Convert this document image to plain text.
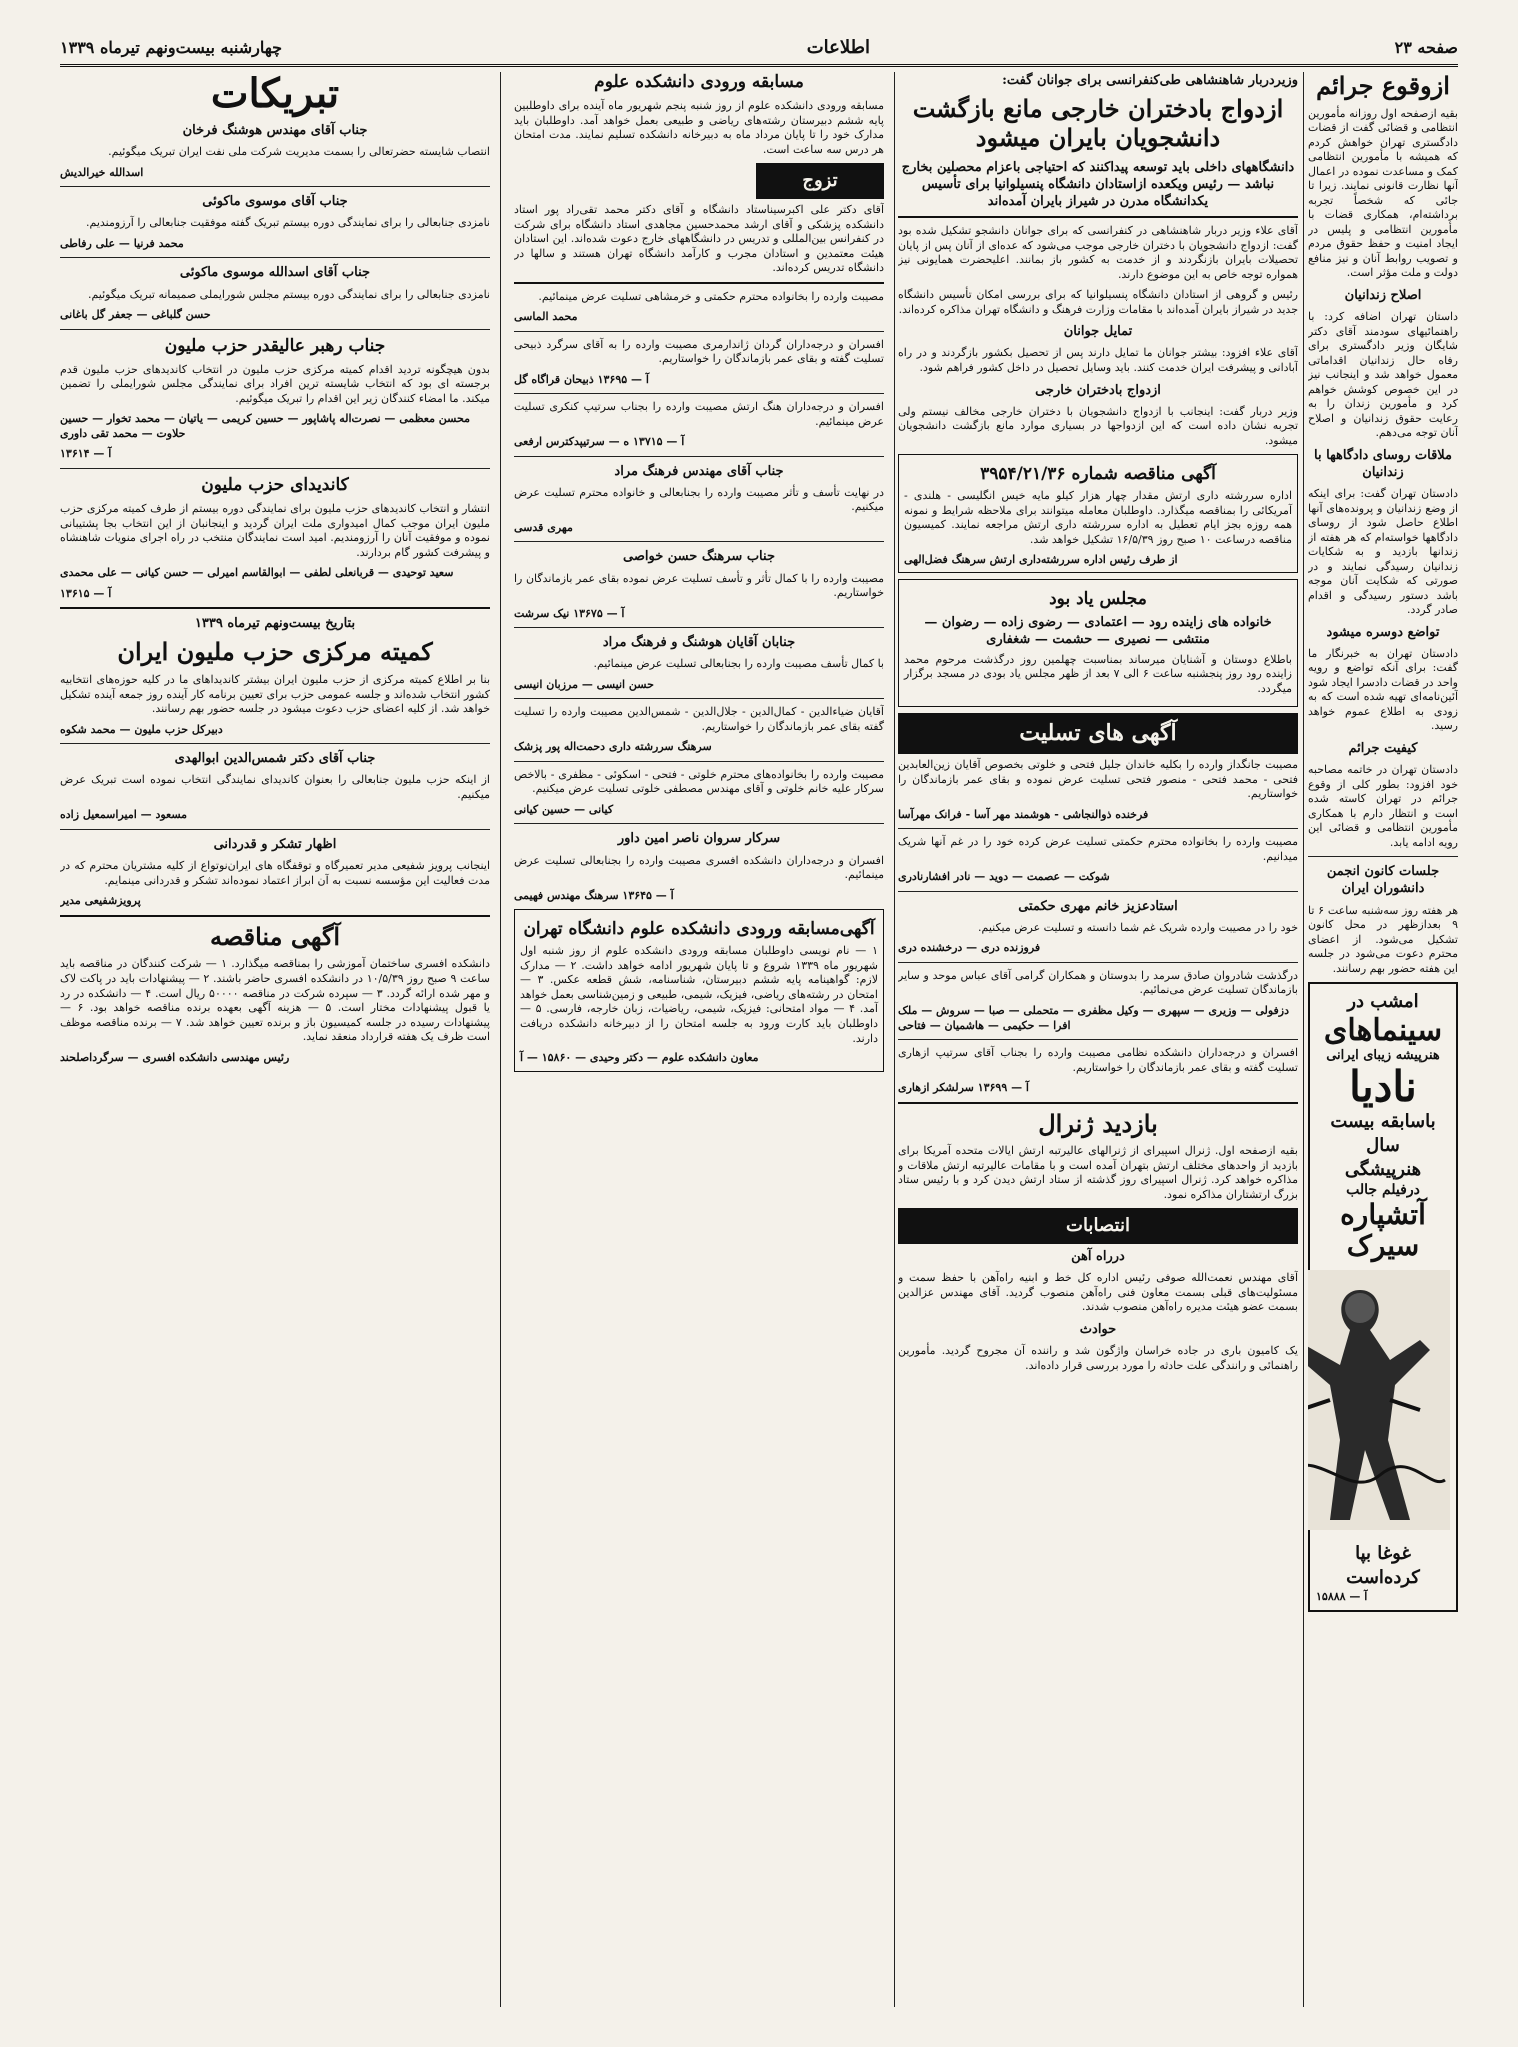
صفحه ۲۳
اطلاعات
چهارشنبه بیست‌ونهم تیرماه ۱۳۳۹
ازوقوع جرائم

بقیه ازصفحه اول روزانه مأمورین انتظامی و قضائی گفت از قضات دادگستری تهران خواهش کردم که همیشه با مأمورین انتظامی کمک و مساعدت نموده در اعمال آنها نظارت قانونی نمایند. زیرا تا جائی که شخصاً تجربه برداشته‌ام، همکاری قضات با مأمورین انتظامی و پلیس در ایجاد امنیت و حفظ حقوق مردم و تصویب روابط آنان و نیز منافع دولت و ملت مؤثر است.

اصلاح زندانیان

داستان تهران اضافه کرد: با راهنمائیهای سودمند آقای دکتر شایگان وزیر دادگستری برای رفاه حال زندانیان اقداماتی معمول خواهد شد و اینجانب نیز در این خصوص کوشش خواهم کرد و مأمورین زندان را به رعایت حقوق زندانیان و اصلاح آنان توجه می‌دهم.

ملاقات روسای دادگاهها با زندانیان

دادستان تهران گفت: برای اینکه از وضع زندانیان و پرونده‌های آنها اطلاع حاصل شود از روسای دادگاهها خواسته‌ام که هر هفته از زندانها بازدید و به شکایات زندانیان رسیدگی نمایند و در صورتی که شکایت آنان موجه باشد دستور رسیدگی و اقدام صادر گردد.

تواضع دوسره میشود

دادستان تهران به خبرنگار ما گفت: برای آنکه تواضع و رویه واحد در قضات دادسرا ایجاد شود آئین‌نامه‌ای تهیه شده است که به زودی به اطلاع عموم خواهد رسید.

کیفیت جرائم

دادستان تهران در خاتمه مصاحبه خود افزود: بطور کلی از وقوع جرائم در تهران کاسته شده است و انتظار دارم با همکاری مأمورین انتظامی و قضائی این رویه ادامه یابد.

جلسات کانون انجمن دانشوران ایران

هر هفته روز سه‌شنبه ساعت ۶ تا ۹ بعدازظهر در محل کانون تشکیل می‌شود. از اعضای محترم دعوت می‌شود در جلسه این هفته حضور بهم رسانند.

امشب در
سینماهای
هنرپیشه زیبای ایرانی
نادیا
باسابقه بیست سال
هنرپیشگی
درفیلم جالب
آتشپاره سیرک
غوغا بپا کرده‌است
آ — ۱۵۸۸۸
وزیردربار شاهنشاهی طی‌کنفرانسی برای جوانان گفت:
ازدواج بادختران خارجی مانع بازگشت دانشجویان بایران میشود
دانشگاههای داخلی باید توسعه پیداکنند که احتیاجی باعزام محصلین بخارج نباشد — رئیس ویکعده ازاستادان دانشگاه پنسیلوانیا برای تأسیس یکدانشگاه مدرن در شیراز بایران آمده‌اند

آقای علاء وزیر دربار شاهنشاهی در کنفرانسی که برای جوانان دانشجو تشکیل شده بود گفت: ازدواج دانشجویان با دختران خارجی موجب می‌شود که عده‌ای از آنان پس از پایان تحصیلات بایران بازنگردند و از خدمت به کشور باز بمانند. اعلیحضرت همایونی نیز همواره توجه خاص به این موضوع دارند.

رئیس و گروهی از استادان دانشگاه پنسیلوانیا که برای بررسی امکان تأسیس دانشگاه جدید در شیراز بایران آمده‌اند با مقامات وزارت فرهنگ و دانشگاه تهران مذاکره کرده‌اند.

تمایل جوانان

آقای علاء افزود: بیشتر جوانان ما تمایل دارند پس از تحصیل بکشور بازگردند و در راه آبادانی و پیشرفت ایران خدمت کنند. باید وسایل تحصیل در داخل کشور فراهم شود.

ازدواج بادختران خارجی

وزیر دربار گفت: اینجانب با ازدواج دانشجویان با دختران خارجی مخالف نیستم ولی تجربه نشان داده است که این ازدواجها در بسیاری موارد مانع بازگشت دانشجویان میشود.

آگهی مناقصه شماره ۳۹۵۴/۲۱/۳۶

اداره سررشته داری ارتش مقدار چهار هزار کیلو مایه خیس انگلیسی - هلندی - آمریکائی را بمناقصه میگذارد. داوطلبان معامله میتوانند برای ملاحظه شرایط و نمونه همه روزه بجز ایام تعطیل به اداره سررشته داری ارتش مراجعه نمایند. کمیسیون مناقصه درساعت ۱۰ صبح روز ۱۶/۵/۳۹ تشکیل خواهد شد.

از طرف رئیس اداره سررشته‌داری ارتش سرهنگ فضل‌الهی
مجلس یاد بود
خانواده های زاینده رود — اعتمادی — رضوی زاده — رضوان — منتشی — نصیری — حشمت — شغفاری

باطلاع دوستان و آشنایان میرساند بمناسبت چهلمین روز درگذشت مرحوم محمد زاینده رود روز پنجشنبه ساعت ۶ الی ۷ بعد از ظهر مجلس یاد بودی در مسجد برگزار میگردد.

آگهی های تسلیت

مصیبت جانگداز وارده را بکلیه خاندان جلیل فتحی و خلوتی بخصوص آقایان زین‌العابدین فتحی - محمد فتحی - منصور فتحی تسلیت عرض نموده و بقای عمر بازماندگان را خواستاریم.

فرخنده ذوالنجاشی - هوشمند مهر آسا - فرانک مهرآسا

مصیبت وارده را بخانواده محترم حکمتی تسلیت عرض کرده خود را در غم آنها شریک میدانیم.

شوکت — عصمت — دوید — نادر افشارنادری
استادعزیز خانم مهری حکمتی

خود را در مصیبت وارده شریک غم شما دانسته و تسلیت عرض میکنیم.

فروزنده دری — درخشنده دری

درگذشت شادروان صادق سرمد را بدوستان و همکاران گرامی آقای عباس موحد و سایر بازماندگان تسلیت عرض می‌نمائیم.

دزفولی — وزیری — سپهری — وکیل مظفری — متحملی — صبا — سروش — ملک افرا — حکیمی — هاشمیان — فتاحی

افسران و درجه‌داران دانشکده نظامی مصیبت وارده را بجناب آقای سرتیپ ازهاری تسلیت گفته و بقای عمر بازماندگان را خواستاریم.

آ — ۱۳۶۹۹ سرلشکر ازهاری
بازدید ژنرال

بقیه ازصفحه اول. ژنرال اسپیرای از ژنرالهای عالیرتبه ارتش ایالات متحده آمریکا برای بازدید از واحدهای مختلف ارتش بتهران آمده است و با مقامات عالیرتبه ارتش ملاقات و مذاکره خواهد کرد. ژنرال اسپیرای روز گذشته از ستاد ارتش دیدن کرد و با رئیس ستاد بزرگ ارتشتاران مذاکره نمود.

انتصابات
درراه آهن

آقای مهندس نعمت‌الله صوفی رئیس اداره کل خط و ابنیه راه‌آهن با حفظ سمت و مسئولیت‌های قبلی بسمت معاون فنی راه‌آهن منصوب گردید. آقای مهندس عزالدین بسمت عضو هیئت مدیره راه‌آهن منصوب شدند.

حوادث

یک کامیون باری در جاده خراسان واژگون شد و راننده آن مجروح گردید. مأمورین راهنمائی و رانندگی علت حادثه را مورد بررسی قرار داده‌اند.

مسابقه ورودی دانشکده علوم

مسابقه ورودی دانشکده علوم از روز شنبه پنجم شهریور ماه آینده برای داوطلبین پایه ششم دبیرستان رشته‌های ریاضی و طبیعی بعمل خواهد آمد. داوطلبان باید مدارک خود را تا پایان مرداد ماه به دبیرخانه دانشکده تسلیم نمایند. مدت امتحان هر درس سه ساعت است.

تزوج

آقای دکتر علی اکبرسیناستاد دانشگاه و آقای دکتر محمد تقی‌راد پور استاد دانشکده پزشکی و آقای ارشد محمدحسین مجاهدی استاد دانشگاه برای شرکت در کنفرانس بین‌المللی و تدریس در دانشگاههای خارج دعوت شده‌اند. این استادان هیئت معتمدین و استادان مجرب و کارآمد دانشگاه تهران هستند و سالها در دانشگاه تدریس کرده‌اند.

مصیبت وارده را بخانواده محترم حکمتی و خرمشاهی تسلیت عرض مینمائیم.

محمد الماسی

افسران و درجه‌داران گردان ژاندارمری مصیبت وارده را به آقای سرگرد ذبیحی تسلیت گفته و بقای عمر بازماندگان را خواستاریم.

آ — ۱۳۶۹۵ ذبیحان قراگاه گل

افسران و درجه‌داران هنگ ارتش مصیبت وارده را بجناب سرتیپ کنکری تسلیت عرض مینمائیم.

آ — ۱۳۷۱۵ ه — سرتیپدکترس ارفعی
جناب آقای مهندس فرهنگ مراد

در نهایت تأسف و تأثر مصیبت وارده را بجنابعالی و خانواده محترم تسلیت عرض میکنیم.

مهری قدسی
جناب سرهنگ حسن خواصی

مصیبت وارده را با کمال تأثر و تأسف تسلیت عرض نموده بقای عمر بازماندگان را خواستاریم.

آ — ۱۳۶۷۵ نیک سرشت
جنابان آقایان هوشنگ و فرهنگ مراد

با کمال تأسف مصیبت وارده را بجنابعالی تسلیت عرض مینمائیم.

حسن انیسی — مرزبان انیسی

آقایان ضیاءالدین - کمال‌الدین - جلال‌الدین - شمس‌الدین مصیبت وارده را تسلیت گفته بقای عمر بازماندگان را خواستاریم.

سرهنگ سررشته داری دحمت‌اله پور پزشک

مصیبت وارده را بخانواده‌های محترم خلوتی - فتحی - اسکوئی - مظفری - بالاخص سرکار علیه خانم خلوتی و آقای مهندس مصطفی خلوتی تسلیت عرض میکنیم.

کیانی — حسین کیانی
سرکار سروان ناصر امین داور

افسران و درجه‌داران دانشکده افسری مصیبت وارده را بجنابعالی تسلیت عرض مینمائیم.

آ — ۱۳۶۴۵ سرهنگ مهندس فهیمی
آگهی‌مسابقه ورودی دانشکده علوم دانشگاه تهران

۱ — نام نویسی داوطلبان مسابقه ورودی دانشکده علوم از روز شنبه اول شهریور ماه ۱۳۳۹ شروع و تا پایان شهریور ادامه خواهد داشت. ۲ — مدارک لازم: گواهینامه پایه ششم دبیرستان، شناسنامه، شش قطعه عکس. ۳ — امتحان در رشته‌های ریاضی، فیزیک، شیمی، طبیعی و زمین‌شناسی بعمل خواهد آمد. ۴ — مواد امتحانی: فیزیک، شیمی، ریاضیات، زبان خارجه، فارسی. ۵ — داوطلبان باید کارت ورود به جلسه امتحان را از دبیرخانه دانشکده دریافت دارند.

معاون دانشکده علوم — دکتر وحیدی — ۱۵۸۶۰ — آ
تبریکات
جناب آقای مهندس هوشنگ فرخان

انتصاب شایسته حضرتعالی را بسمت مدیریت شرکت ملی نفت ایران تبریک میگوئیم.

اسدالله خیرالدیش
جناب آقای موسوی ماکوئی

نامزدی جنابعالی را برای نمایندگی دوره بیستم تبریک گفته موفقیت جنابعالی را آرزومندیم.

محمد فرنیا — علی رفاطی
جناب آقای اسدالله موسوی ماکوئی

نامزدی جنابعالی را برای نمایندگی دوره بیستم مجلس شورایملی صمیمانه تبریک میگوئیم.

حسن گلباغی — جعفر گل باغانی
جناب رهبر عالیقدر حزب ملیون

بدون هیچگونه تردید اقدام کمیته مرکزی حزب ملیون در انتخاب کاندیدهای حزب ملیون قدم برجسته ای بود که انتخاب شایسته ترین افراد برای نمایندگی مجلس شورایملی را تضمین میکند. ما امضاء کنندگان زیر این اقدام را تبریک میگوئیم.

محسن معظمی — نصرت‌اله پاشاپور — حسین کریمی — یاتیان — محمد تخوار — حسین حلاوت — محمد تقی داوری
آ — ۱۳۶۱۴
کاندیدای حزب ملیون

انتشار و انتخاب کاندیدهای حزب ملیون برای نمایندگی دوره بیستم از طرف کمیته مرکزی حزب ملیون ایران موجب کمال امیدواری ملت ایران گردید و اینجانبان از این انتخاب بجا پشتیبانی نموده و موفقیت آنان را آرزومندیم. امید است نمایندگان منتخب در راه اجرای منویات شاهنشاه و پیشرفت کشور گام بردارند.

سعید توحیدی — قربانعلی لطفی — ابوالقاسم امیرلی — حسن کیانی — علی محمدی
آ — ۱۳۶۱۵
بتاریخ بیست‌ونهم تیرماه ۱۳۳۹
کمیته مرکزی حزب ملیون ایران

بنا بر اطلاع کمیته مرکزی از حزب ملیون ایران بیشتر کاندیداهای ما در کلیه حوزه‌های انتخابیه کشور انتخاب شده‌اند و جلسه عمومی حزب برای تعیین برنامه کار آینده روز جمعه آینده تشکیل خواهد شد. از کلیه اعضای حزب دعوت میشود در جلسه حضور بهم رسانند.

دبیرکل حزب ملیون — محمد شکوه
جناب آقای دکتر شمس‌الدین ابوالهدی

از اینکه حزب ملیون جنابعالی را بعنوان کاندیدای نمایندگی انتخاب نموده است تبریک عرض میکنیم.

مسعود — امیراسمعیل زاده
اظهار تشکر و قدردانی

اینجانب پرویز شفیعی مدیر تعمیرگاه و توقفگاه های ایران‌نوتواع از کلیه مشتریان محترم که در مدت فعالیت این مؤسسه نسبت به آن ابراز اعتماد نموده‌اند تشکر و قدردانی مینمایم.

پرویزشفیعی مدیر
آگهی مناقصه

دانشکده افسری ساختمان آموزشی را بمناقصه میگذارد. ۱ — شرکت کنندگان در مناقصه باید ساعت ۹ صبح روز ۱۰/۵/۳۹ در دانشکده افسری حاضر باشند. ۲ — پیشنهادات باید در پاکت لاک و مهر شده ارائه گردد. ۳ — سپرده شرکت در مناقصه ۵۰۰۰۰ ریال است. ۴ — دانشکده در رد یا قبول پیشنهادات مختار است. ۵ — هزینه آگهی بعهده برنده مناقصه خواهد بود. ۶ — پیشنهادات رسیده در جلسه کمیسیون باز و برنده تعیین خواهد شد. ۷ — برنده مناقصه موظف است ظرف یک هفته قرارداد منعقد نماید.

رئیس مهندسی دانشکده افسری — سرگرد‌اصلحند
